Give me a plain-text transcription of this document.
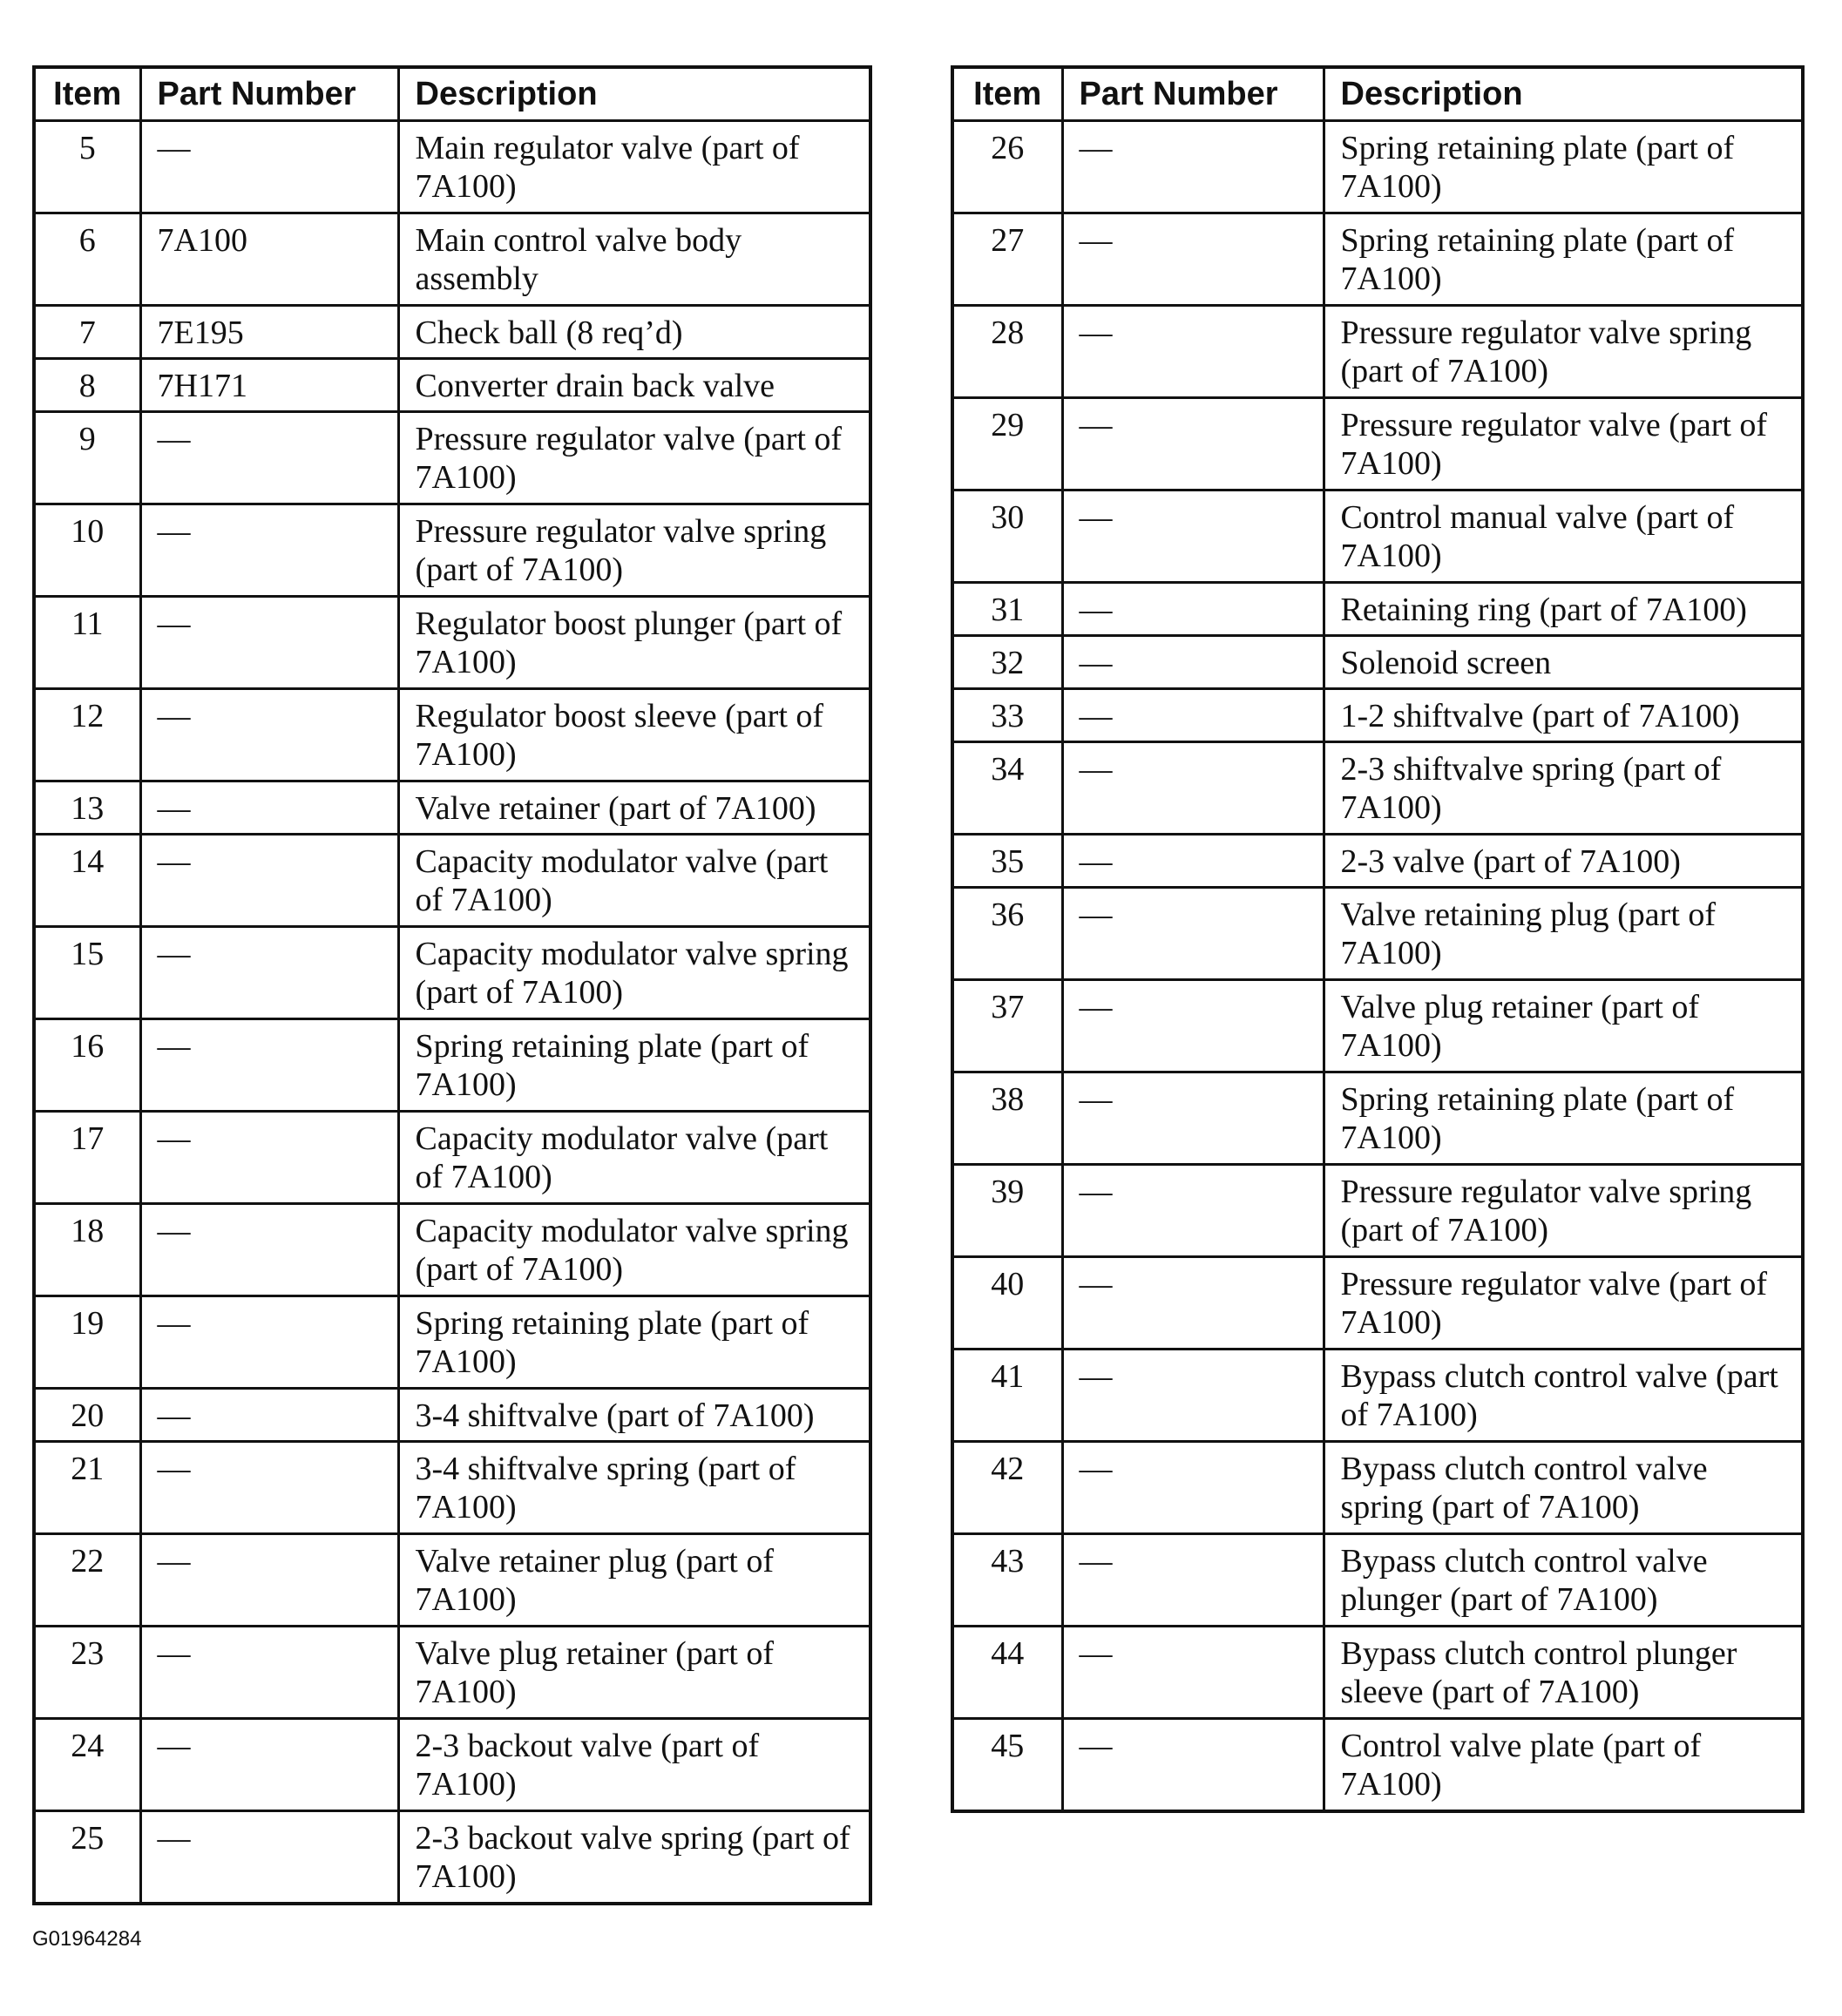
Item	Part Number	Description
5	—	Main regulator valve (part of 7A100)
6	7A100	Main control valve body assembly
7	7E195	Check ball (8 req’d)
8	7H171	Converter drain back valve
9	—	Pressure regulator valve (part of 7A100)
10	—	Pressure regulator valve spring (part of 7A100)
11	—	Regulator boost plunger (part of 7A100)
12	—	Regulator boost sleeve (part of 7A100)
13	—	Valve retainer (part of 7A100)
14	—	Capacity modulator valve (part of 7A100)
15	—	Capacity modulator valve spring (part of 7A100)
16	—	Spring retaining plate (part of 7A100)
17	—	Capacity modulator valve (part of 7A100)
18	—	Capacity modulator valve spring (part of 7A100)
19	—	Spring retaining plate (part of 7A100)
20	—	3-4 shiftvalve (part of 7A100)
21	—	3-4 shiftvalve spring (part of 7A100)
22	—	Valve retainer plug (part of 7A100)
23	—	Valve plug retainer (part of 7A100)
24	—	2-3 backout valve (part of 7A100)
25	—	2-3 backout valve spring (part of 7A100)
Item	Part Number	Description
26	—	Spring retaining plate (part of 7A100)
27	—	Spring retaining plate (part of 7A100)
28	—	Pressure regulator valve spring (part of 7A100)
29	—	Pressure regulator valve (part of 7A100)
30	—	Control manual valve (part of 7A100)
31	—	Retaining ring (part of 7A100)
32	—	Solenoid screen
33	—	1-2 shiftvalve (part of 7A100)
34	—	2-3 shiftvalve spring (part of 7A100)
35	—	2-3 valve (part of 7A100)
36	—	Valve retaining plug (part of 7A100)
37	—	Valve plug retainer (part of 7A100)
38	—	Spring retaining plate (part of 7A100)
39	—	Pressure regulator valve spring (part of 7A100)
40	—	Pressure regulator valve (part of 7A100)
41	—	Bypass clutch control valve (part of 7A100)
42	—	Bypass clutch control valve spring (part of 7A100)
43	—	Bypass clutch control valve plunger (part of 7A100)
44	—	Bypass clutch control plunger sleeve (part of 7A100)
45	—	Control valve plate (part of 7A100)
G01964284
